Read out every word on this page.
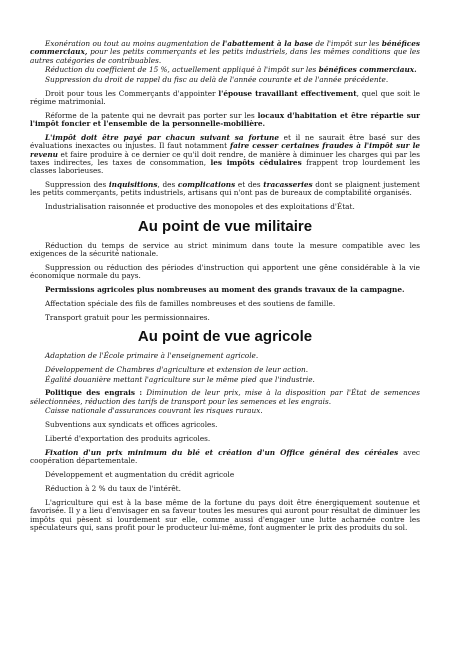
Exonération ou tout au moins augmentation de l'abattement à la base de l'impôt sur les bénéfices commerciaux, pour les petits commerçants et les petits industriels, dans les mêmes conditions que les autres catégories de contribuables.

Réduction du coefficient de 15 %, actuellement appliqué à l'impôt sur les bénéfices commerciaux.

Suppression du droit de rappel du fisc au delà de l'année courante et de l'année précédente.

Droit pour tous les Commerçants d'appointer l'épouse travaillant effectivement, quel que soit le régime matrimonial.

Réforme de la patente qui ne devrait pas porter sur les locaux d'habitation et être répartie sur l'impôt foncier et l'ensemble de la personnelle-mobilière.

L'impôt doit être payé par chacun suivant sa fortune et il ne saurait être basé sur des évaluations inexactes ou injustes. Il faut notamment faire cesser certaines fraudes à l'impôt sur le revenu et faire produire à ce dernier ce qu'il doit rendre, de manière à diminuer les charges qui par les taxes indirectes, les taxes de consommation, les impôts cédulaires frappent trop lourdement les classes laborieuses.

Suppression des inquisitions, des complications et des tracasseries dont se plaignent justement les petits commerçants, petits industriels, artisans qui n'ont pas de bureaux de comptabilité organisés.

Industrialisation raisonnée et productive des monopoles et des exploitations d'État.

Au point de vue militaire

Réduction du temps de service au strict minimum dans toute la mesure compatible avec les exigences de la sécurité nationale.

Suppression ou réduction des périodes d'instruction qui apportent une gêne considérable à la vie économique normale du pays.

Permissions agricoles plus nombreuses au moment des grands travaux de la campagne.

Affectation spéciale des fils de familles nombreuses et des soutiens de famille.

Transport gratuit pour les permissionnaires.

Au point de vue agricole

Adaptation de l'École primaire à l'enseignement agricole.

Développement de Chambres d'agriculture et extension de leur action.

Égalité douanière mettant l'agriculture sur le même pied que l'industrie.

Politique des engrais : Diminution de leur prix, mise à la disposition par l'État de semences sélectionnées, réduction des tarifs de transport pour les semences et les engrais.

Caisse nationale d'assurances couvrant les risques ruraux.

Subventions aux syndicats et offices agricoles.

Liberté d'exportation des produits agricoles.

Fixation d'un prix minimum du blé et création d'un Office général des céréales avec coopération départementale.

Développement et augmentation du crédit agricole

Réduction à 2 % du taux de l'intérêt.

L'agriculture qui est à la base même de la fortune du pays doit être énergiquement soutenue et favorisée. Il y a lieu d'envisager en sa faveur toutes les mesures qui auront pour résultat de diminuer les impôts qui pèsent si lourdement sur elle, comme aussi d'engager une lutte acharnée contre les spéculateurs qui, sans profit pour le producteur lui-même, font augmenter le prix des produits du sol.
